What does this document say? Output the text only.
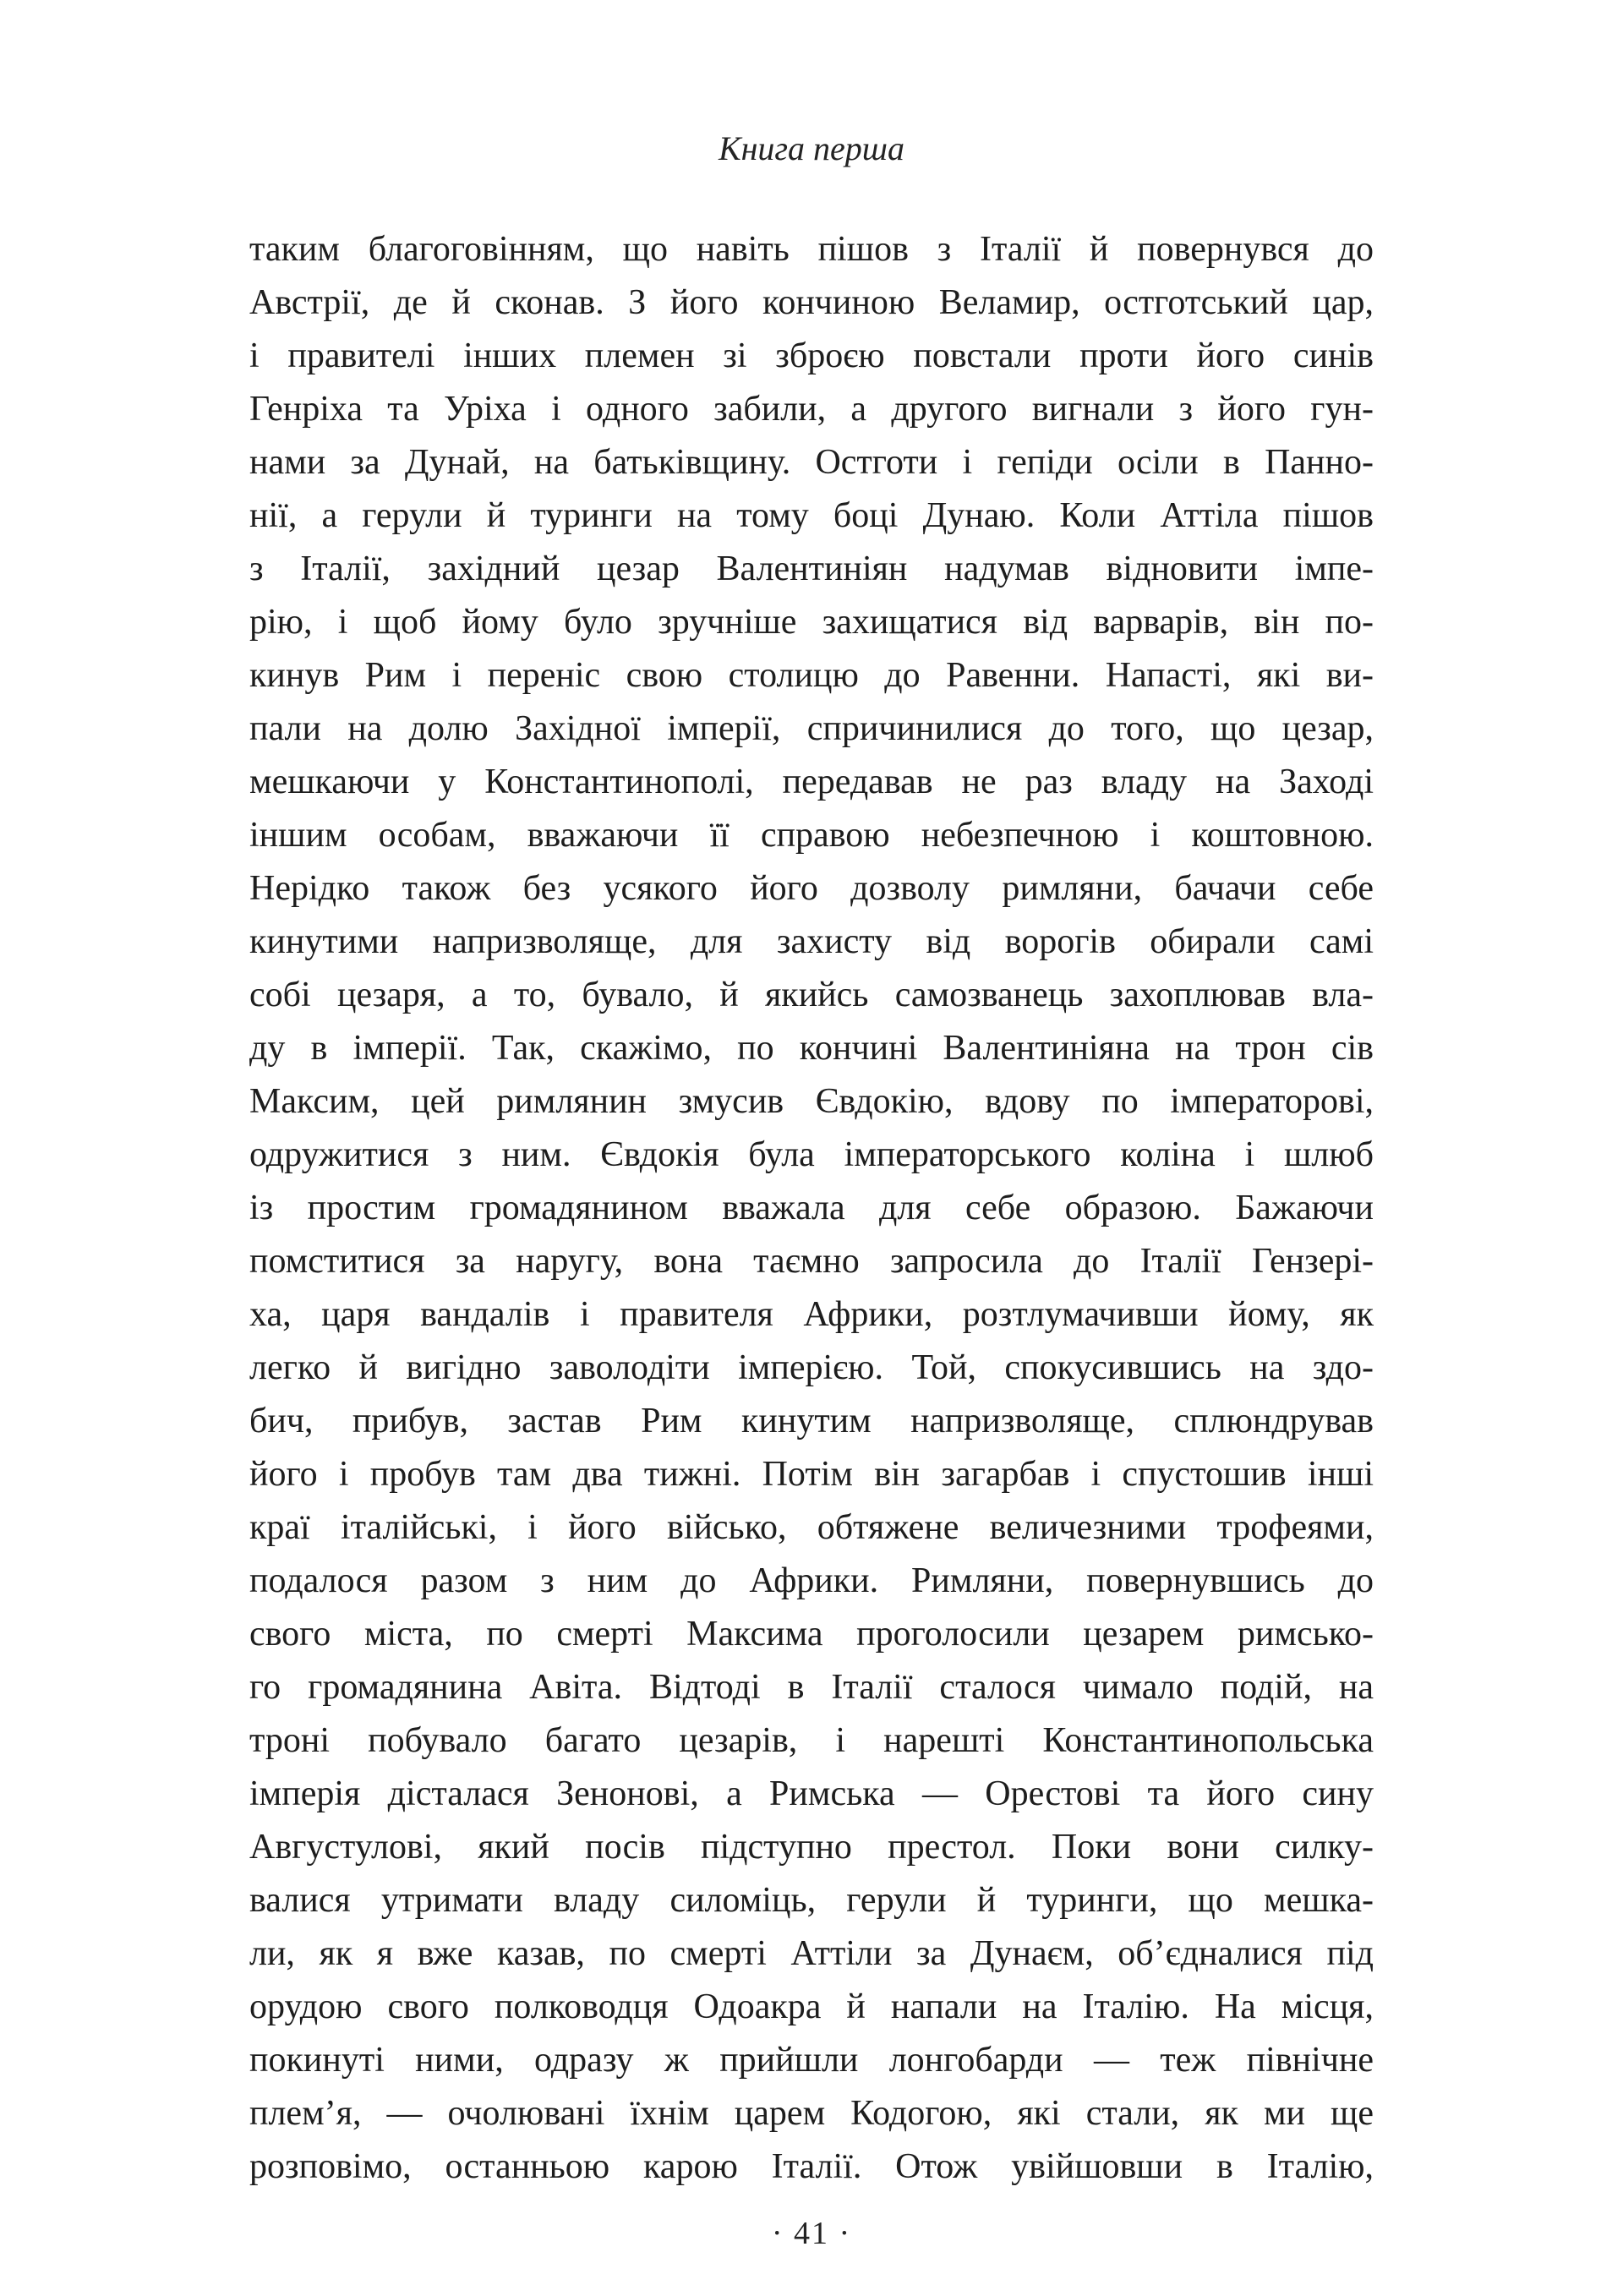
Книга перша
таким благоговінням, що навіть пішов з Італії й повернувся до
Австрії, де й сконав. З його кончиною Веламир, остготський цар,
і правителі інших племен зі зброєю повстали проти його синів
Генріха та Уріха і одного забили, а другого вигнали з його гун-
нами за Дунай, на батьківщину. Остготи і гепіди осіли в Панно-
нії, а герули й туринги на тому боці Дунаю. Коли Аттіла пішов
з Італії, західний цезар Валентиніян надумав відновити імпе-
рію, і щоб йому було зручніше захищатися від варварів, він по-
кинув Рим і переніс свою столицю до Равенни. Напасті, які ви-
пали на долю Західної імперії, спричинилися до того, що цезар,
мешкаючи у Константинополі, передавав не раз владу на Заході
іншим особам, вважаючи її справою небезпечною і коштовною.
Нерідко також без усякого його дозволу римляни, бачачи себе
кинутими напризволяще, для захисту від ворогів обирали самі
собі цезаря, а то, бувало, й якийсь самозванець захоплював вла-
ду в імперії. Так, скажімо, по кончині Валентиніяна на трон сів
Максим, цей римлянин змусив Євдокію, вдову по імператорові,
одружитися з ним. Євдокія була імператорського коліна і шлюб
із простим громадянином вважала для себе образою. Бажаючи
помститися за наругу, вона таємно запросила до Італії Гензері-
ха, царя вандалів і правителя Африки, розтлумачивши йому, як
легко й вигідно заволодіти імперією. Той, спокусившись на здо-
бич, прибув, застав Рим кинутим напризволяще, сплюндрував
його і пробув там два тижні. Потім він загарбав і спустошив інші
краї італійські, і його військо, обтяжене величезними трофеями,
подалося разом з ним до Африки. Римляни, повернувшись до
свого міста, по смерті Максима проголосили цезарем римсько-
го громадянина Авіта. Відтоді в Італії сталося чимало подій, на
троні побувало багато цезарів, і нарешті Константинопольська
імперія дісталася Зенонові, а Римська — Орестові та його сину
Августулові, який посів підступно престол. Поки вони силку-
валися утримати владу силоміць, герули й туринги, що мешка-
ли, як я вже казав, по смерті Аттіли за Дунаєм, об’єдналися під
орудою свого полководця Одоакра й напали на Італію. На місця,
покинуті ними, одразу ж прийшли лонгобарди — теж північне
плем’я, — очолювані їхнім царем Кодогою, які стали, як ми ще
розповімо, останньою карою Італії. Отож увійшовши в Італію,
· 41 ·
